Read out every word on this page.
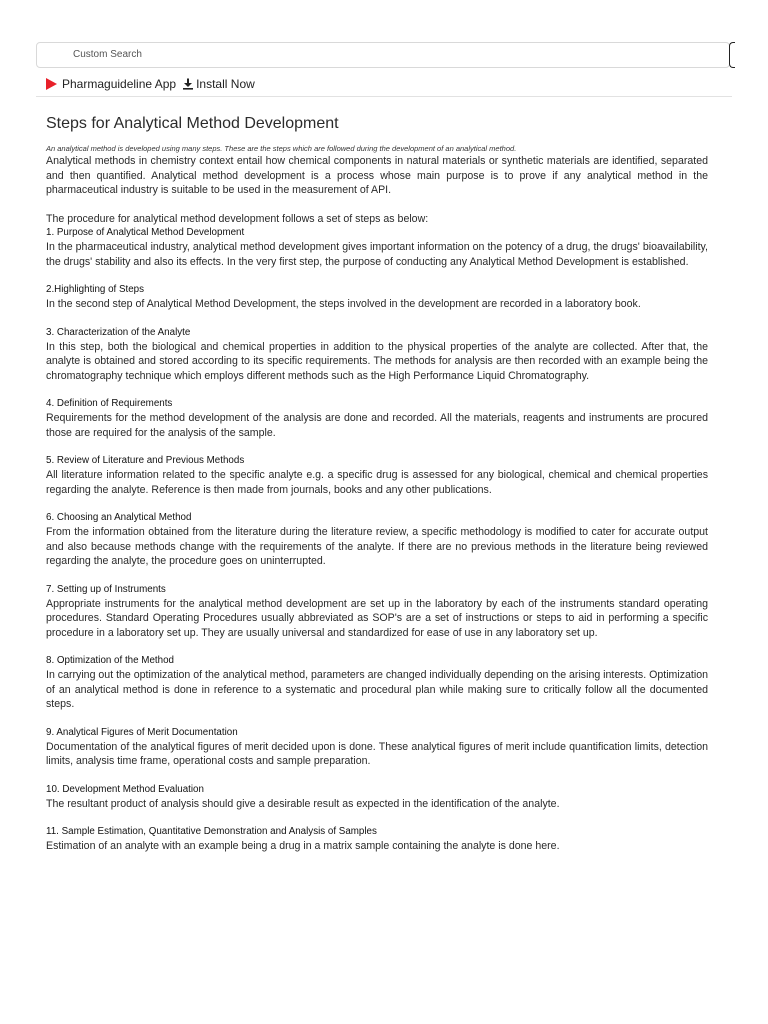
Custom Search
Pharmaguideline App Install Now
Steps for Analytical Method Development
An analytical method is developed using many steps. These are the steps which are followed during the development of an analytical method.

Analytical methods in chemistry context entail how chemical components in natural materials or synthetic materials are identified, separated and then quantified. Analytical method development is a process whose main purpose is to prove if any analytical method in the pharmaceutical industry is suitable to be used in the measurement of API.

The procedure for analytical method development follows a set of steps as below:

1. Purpose of Analytical Method Development

In the pharmaceutical industry, analytical method development gives important information on the potency of a drug, the drugs' bioavailability, the drugs' stability and also its effects. In the very first step, the purpose of conducting any Analytical Method Development is established.

2.Highlighting of Steps

In the second step of Analytical Method Development, the steps involved in the development are recorded in a laboratory book.

3. Characterization of the Analyte

In this step, both the biological and chemical properties in addition to the physical properties of the analyte are collected. After that, the analyte is obtained and stored according to its specific requirements. The methods for analysis are then recorded with an example being the chromatography technique which employs different methods such as the High Performance Liquid Chromatography.

4. Definition of Requirements

Requirements for the method development of the analysis are done and recorded. All the materials, reagents and instruments are procured those are required for the analysis of the sample.

5. Review of Literature and Previous Methods

All literature information related to the specific analyte e.g. a specific drug is assessed for any biological, chemical and chemical properties regarding the analyte. Reference is then made from journals, books and any other publications.

6. Choosing an Analytical Method

From the information obtained from the literature during the literature review, a specific methodology is modified to cater for accurate output and also because methods change with the requirements of the analyte. If there are no previous methods in the literature being reviewed regarding the analyte, the procedure goes on uninterrupted.

7. Setting up of Instruments

Appropriate instruments for the analytical method development are set up in the laboratory by each of the instruments standard operating procedures. Standard Operating Procedures usually abbreviated as SOP's are a set of instructions or steps to aid in performing a specific procedure in a laboratory set up. They are usually universal and standardized for ease of use in any laboratory set up.

8. Optimization of the Method

In carrying out the optimization of the analytical method, parameters are changed individually depending on the arising interests. Optimization of an analytical method is done in reference to a systematic and procedural plan while making sure to critically follow all the documented steps.

9. Analytical Figures of Merit Documentation

Documentation of the analytical figures of merit decided upon is done. These analytical figures of merit include quantification limits, detection limits, analysis time frame, operational costs and sample preparation.

10. Development Method Evaluation

The resultant product of analysis should give a desirable result as expected in the identification of the analyte.

11. Sample Estimation, Quantitative Demonstration and Analysis of Samples

Estimation of an analyte with an example being a drug in a matrix sample containing the analyte is done here.
